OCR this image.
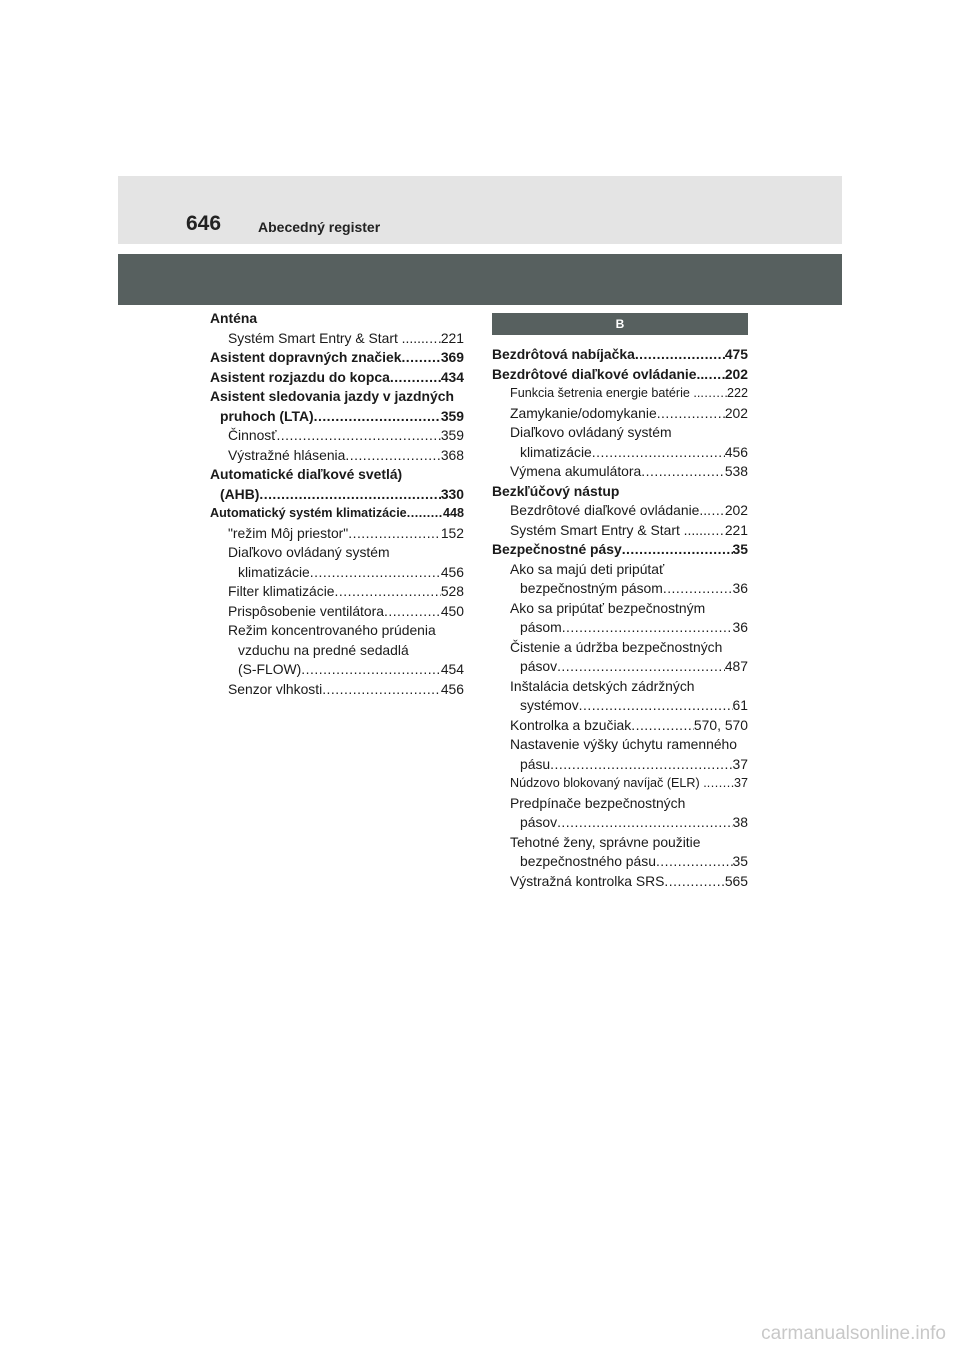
646	Abecedný register
Anténa
Systém Smart Entry & Start ...... ..... 221
Asistent dopravných značiek .....	369
Asistent rozjazdu do kopca .....	434
Asistent sledovania jazdy v jazdných
pruhoch (LTA) .....	359
Činnosť .....	359
Výstražné hlásenia .....	368
Automatické diaľkové svetlá)
(AHB) .....	330
Automatický systém klimatizácie .....	448
"režim Môj priestor" .....	152
Diaľkovo ovládaný systém
klimatizácie .....	456
Filter klimatizácie .....	528
Prispôsobenie ventilátora .....	450
Režim koncentrovaného prúdenia
vzduchu na predné sedadlá
(S-FLOW) .....	454
Senzor vlhkosti .....	456
B
Bezdrôtová nabíjačka .....	475
Bezdrôtové diaľkové ovládanie.. ..... 202
Funkcia šetrenia energie batérie .. ..... 222
Zamykanie/odomykanie .....	202
Diaľkovo ovládaný systém
klimatizácie .....	456
Výmena akumulátora .....	538
Bezkľúčový nástup
Bezdrôtové diaľkové ovládanie.. ..... 202
Systém Smart Entry & Start ...... ..... 221
Bezpečnostné pásy .....	35
Ako sa majú deti pripútať
bezpečnostným pásom .....	36
Ako sa pripútať bezpečnostným
pásom .....	36
Čistenie a údržba bezpečnostných
pásov .....	487
Inštalácia detských zádržných
systémov .....	61
Kontrolka a bzučiak .....	570, 570
Nastavenie výšky úchytu ramenného
pásu .....	37
Núdzovo blokovaný navíjač (ELR) . ..... 37
Predpínače bezpečnostných
pásov .....	38
Tehotné ženy, správne použitie
bezpečnostného pásu .....	35
Výstražná kontrolka SRS .....	565
carmanualsonline.info
